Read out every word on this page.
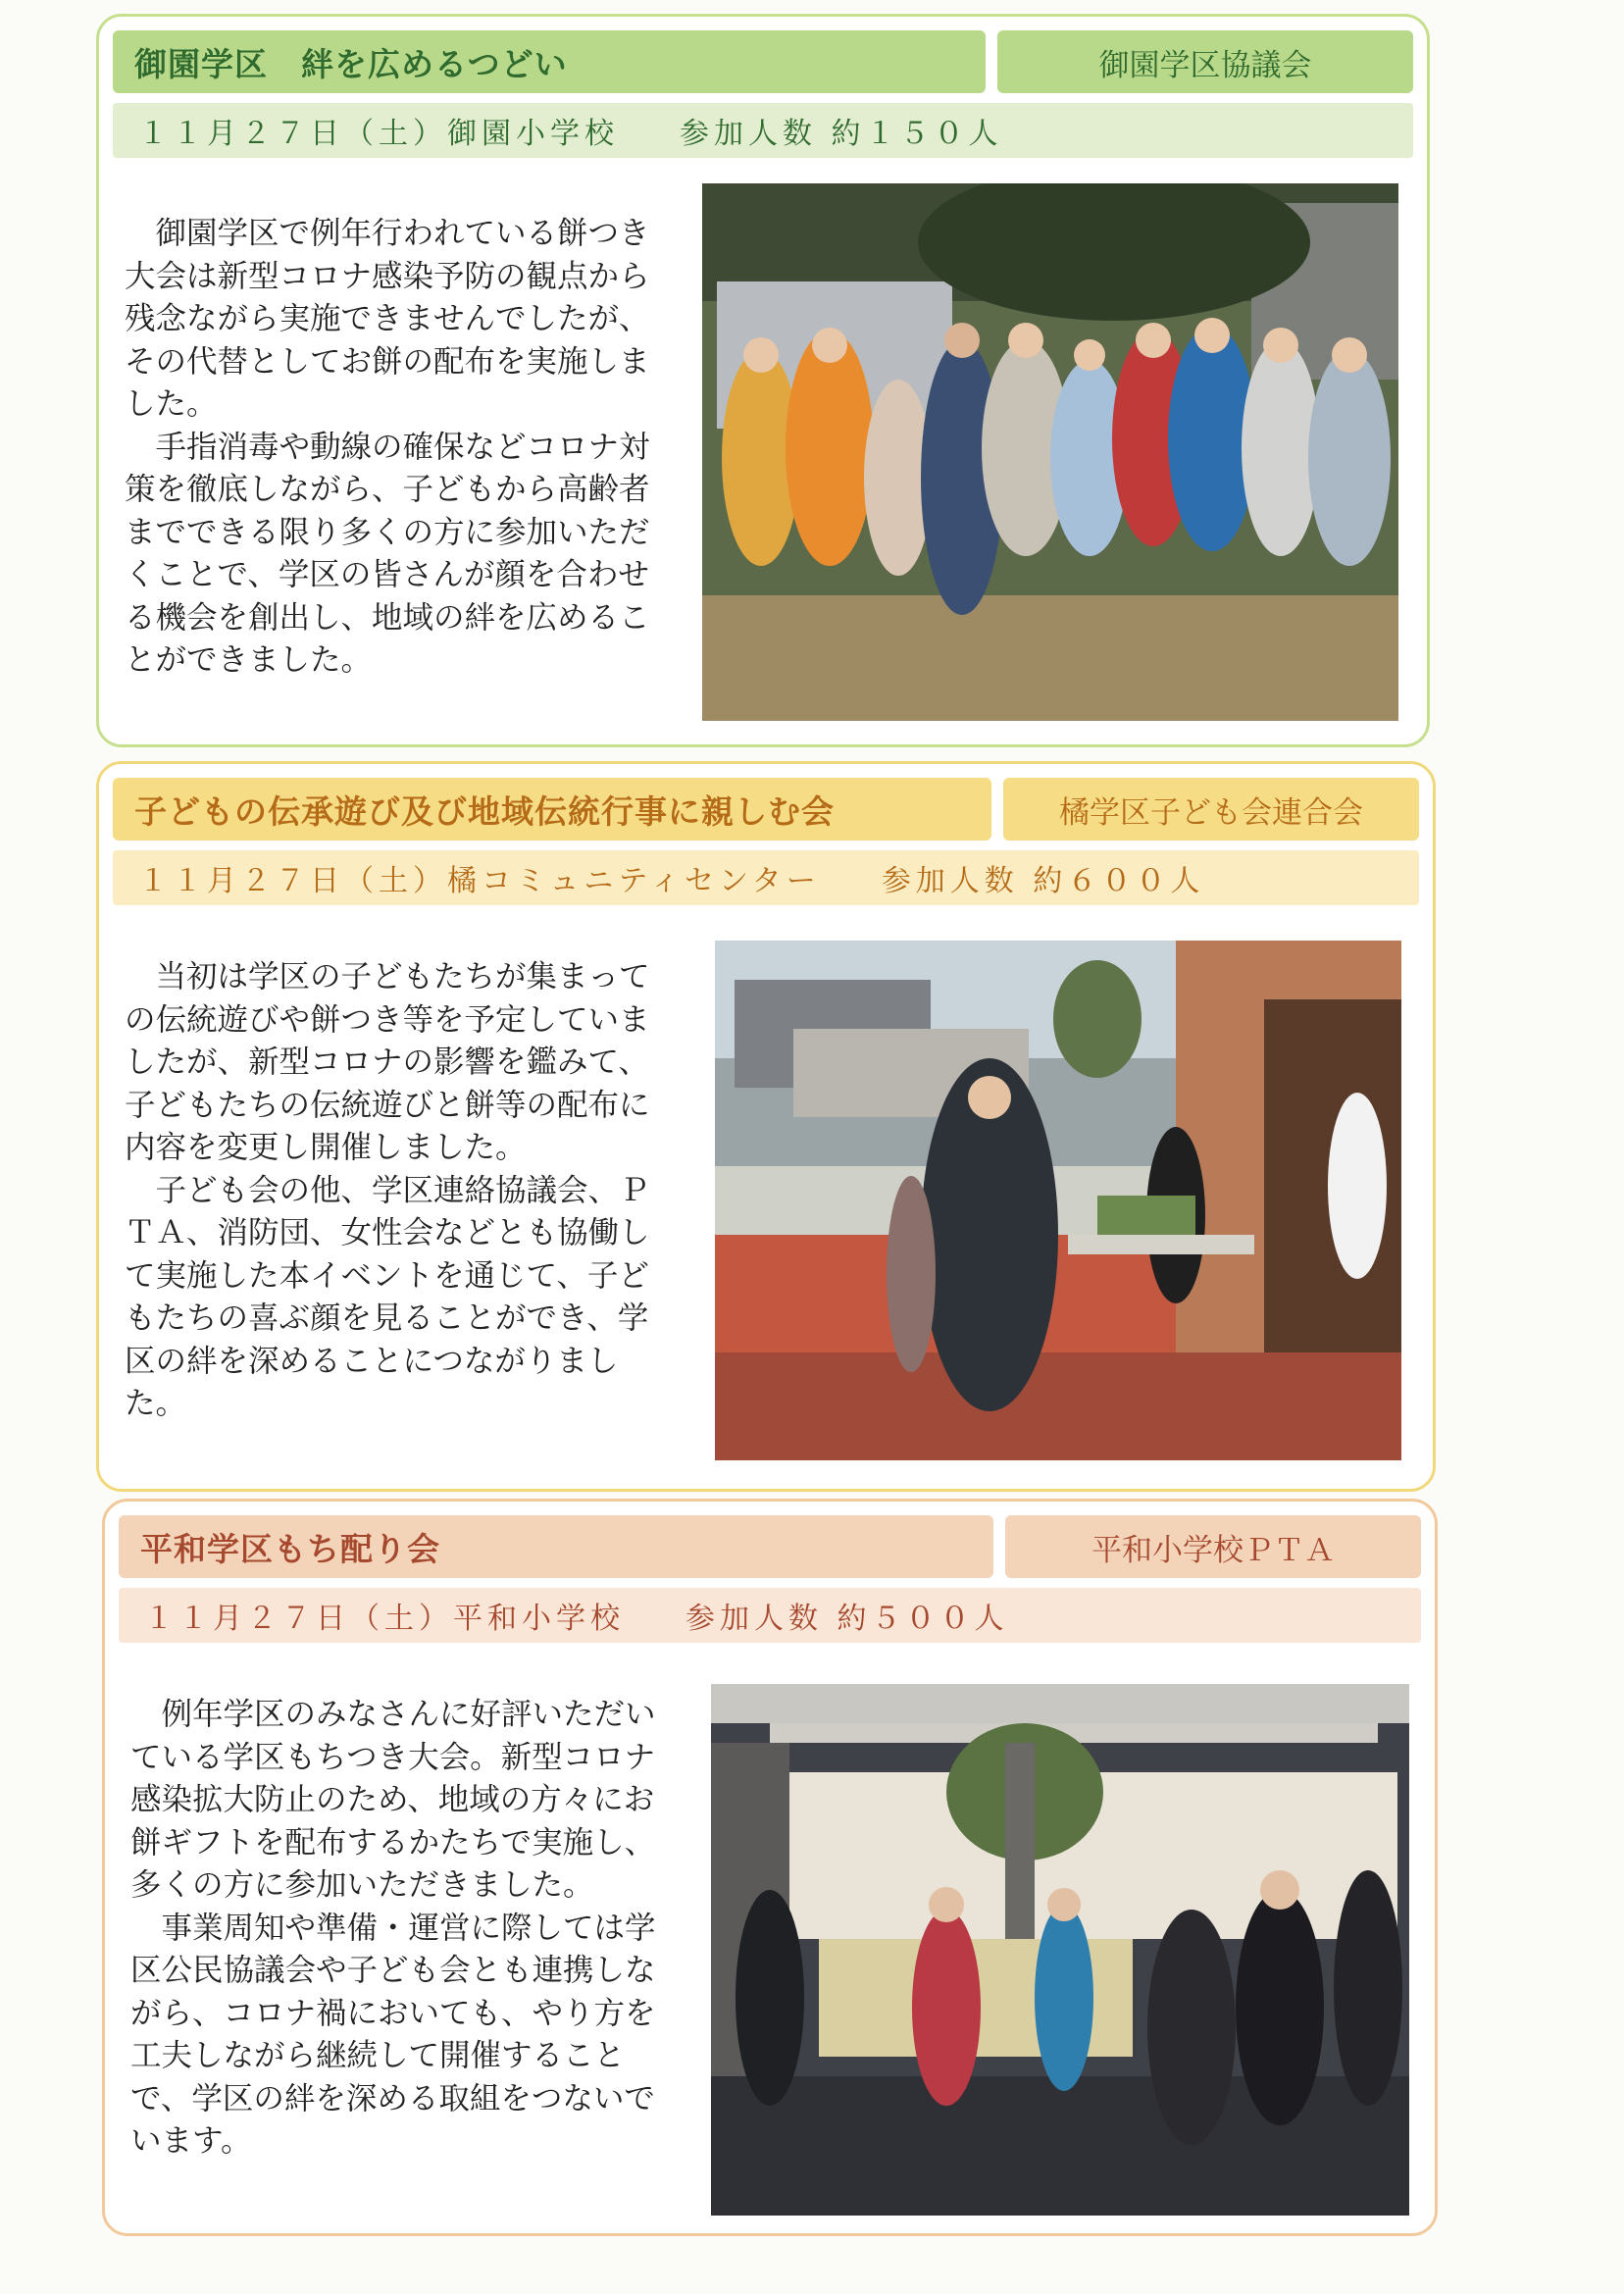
御園学区　絆を広めるつどい	御園学区協議会
１１月２７日（土）御園小学校 参加人数 約１５０人

御園学区で例年行われている餅つき大会は新型コロナ感染予防の観点から残念ながら実施できませんでしたが、その代替としてお餅の配布を実施しました。

手指消毒や動線の確保などコロナ対策を徹底しながら、子どもから高齢者までできる限り多くの方に参加いただくことで、学区の皆さんが顔を合わせる機会を創出し、地域の絆を広めることができました。

子どもの伝承遊び及び地域伝統行事に親しむ会	橘学区子ども会連合会
１１月２７日（土）橘コミュニティセンター 参加人数 約６００人

当初は学区の子どもたちが集まっての伝統遊びや餅つき等を予定していましたが、新型コロナの影響を鑑みて、子どもたちの伝統遊びと餅等の配布に内容を変更し開催しました。

子ども会の他、学区連絡協議会、ＰＴＡ、消防団、女性会などとも協働して実施した本イベントを通じて、子どもたちの喜ぶ顔を見ることができ、学区の絆を深めることにつながりました。

平和学区もち配り会	平和小学校ＰＴＡ
１１月２７日（土）平和小学校 参加人数 約５００人

例年学区のみなさんに好評いただいている学区もちつき大会。新型コロナ感染拡大防止のため、地域の方々にお餅ギフトを配布するかたちで実施し、多くの方に参加いただきました。

事業周知や準備・運営に際しては学区公民協議会や子ども会とも連携しながら、コロナ禍においても、やり方を工夫しながら継続して開催することで、学区の絆を深める取組をつないでいます。
